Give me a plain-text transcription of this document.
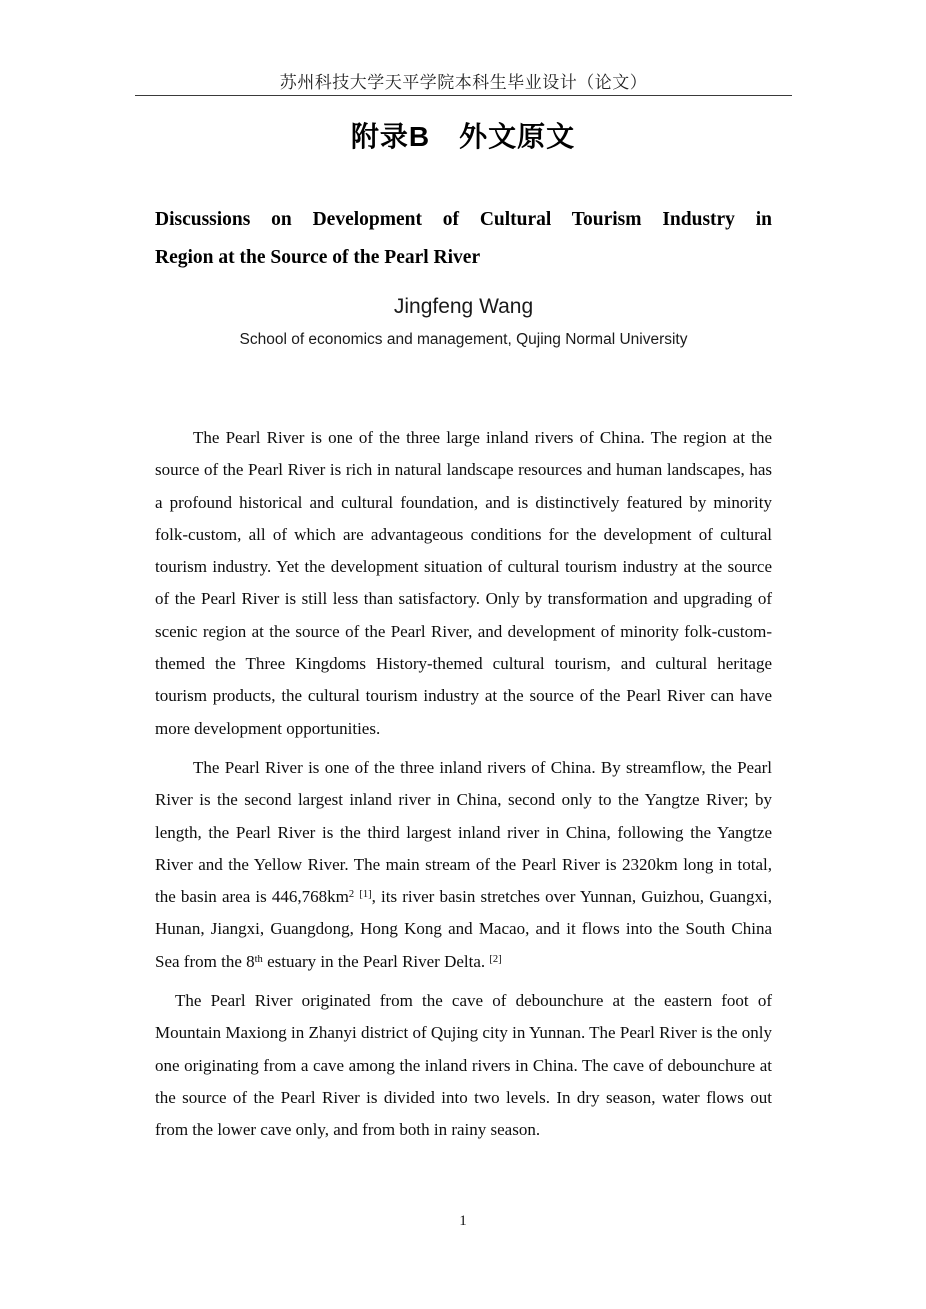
苏州科技大学天平学院本科生毕业设计（论文）
附录B　外文原文
Discussions on Development of Cultural Tourism Industry in
Region at the Source of the Pearl River
Jingfeng Wang
School of economics and management, Qujing Normal University

The Pearl River is one of the three large inland rivers of China. The region at the source of the Pearl River is rich in natural landscape resources and human landscapes, has a profound historical and cultural foundation, and is distinctively featured by minority folk-custom, all of which are advantageous conditions for the development of cultural tourism industry. Yet the development situation of cultural tourism industry at the source of the Pearl River is still less than satisfactory. Only by transformation and upgrading of scenic region at the source of the Pearl River, and development of minority folk-custom-themed the Three Kingdoms History-themed cultural tourism, and cultural heritage tourism products, the cultural tourism industry at the source of the Pearl River can have more development opportunities.

The Pearl River is one of the three inland rivers of China. By streamflow, the Pearl River is the second largest inland river in China, second only to the Yangtze River; by length, the Pearl River is the third largest inland river in China, following the Yangtze River and the Yellow River. The main stream of the Pearl River is 2320km long in total, the basin area is $446,768km^2$ [1], its river basin stretches over Yunnan, Guizhou, Guangxi, Hunan, Jiangxi, Guangdong, Hong Kong and Macao, and it flows into the South China Sea from the 8th estuary in the Pearl River Delta. [2]

The Pearl River originated from the cave of debounchure at the eastern foot of Mountain Maxiong in Zhanyi district of Qujing city in Yunnan. The Pearl River is the only one originating from a cave among the inland rivers in China. The cave of debounchure at the source of the Pearl River is divided into two levels. In dry season, water flows out from the lower cave only, and from both in rainy season.

1
